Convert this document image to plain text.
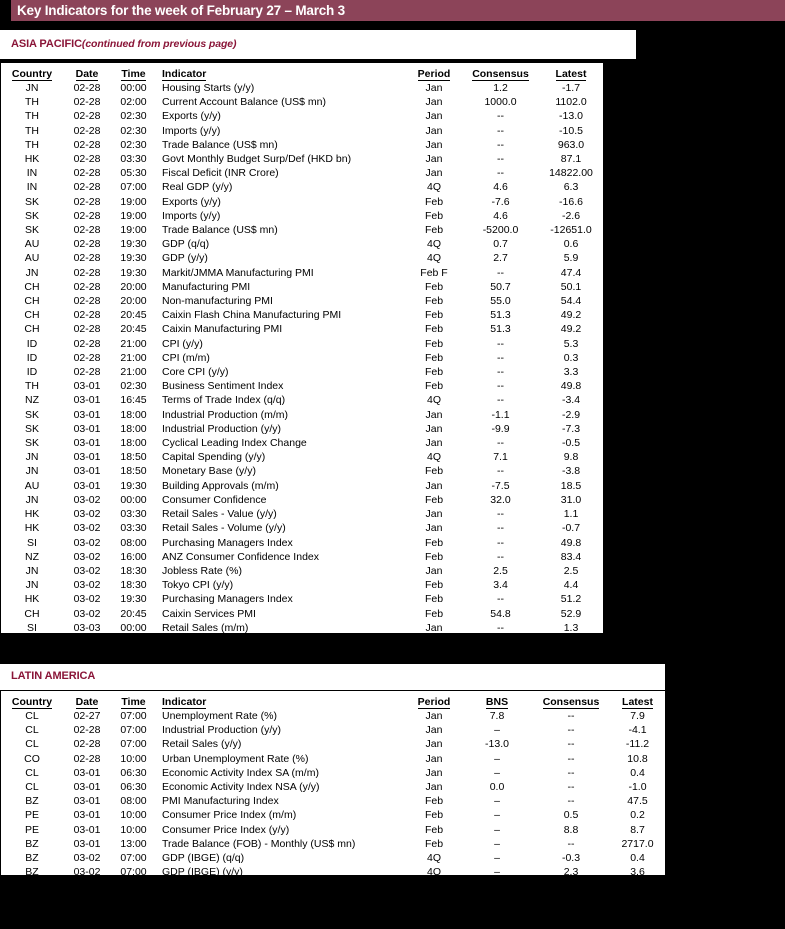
Key Indicators for the week of February 27 – March 3
ASIA PACIFIC(continued from previous page)
Country	Date	Time	Indicator	Period	Consensus	Latest
JN	02-28	00:00	Housing Starts (y/y)	Jan	1.2	-1.7
TH	02-28	02:00	Current Account Balance (US$ mn)	Jan	1000.0	1102.0
TH	02-28	02:30	Exports (y/y)	Jan	--	-13.0
TH	02-28	02:30	Imports (y/y)	Jan	--	-10.5
TH	02-28	02:30	Trade Balance (US$ mn)	Jan	--	963.0
HK	02-28	03:30	Govt Monthly Budget Surp/Def (HKD bn)	Jan	--	87.1
IN	02-28	05:30	Fiscal Deficit (INR Crore)	Jan	--	14822.00
IN	02-28	07:00	Real GDP (y/y)	4Q	4.6	6.3
SK	02-28	19:00	Exports (y/y)	Feb	-7.6	-16.6
SK	02-28	19:00	Imports (y/y)	Feb	4.6	-2.6
SK	02-28	19:00	Trade Balance (US$ mn)	Feb	-5200.0	-12651.0
AU	02-28	19:30	GDP (q/q)	4Q	0.7	0.6
AU	02-28	19:30	GDP (y/y)	4Q	2.7	5.9
JN	02-28	19:30	Markit/JMMA Manufacturing PMI	Feb F	--	47.4
CH	02-28	20:00	Manufacturing PMI	Feb	50.7	50.1
CH	02-28	20:00	Non-manufacturing PMI	Feb	55.0	54.4
CH	02-28	20:45	Caixin Flash China Manufacturing PMI	Feb	51.3	49.2
CH	02-28	20:45	Caixin Manufacturing PMI	Feb	51.3	49.2
ID	02-28	21:00	CPI (y/y)	Feb	--	5.3
ID	02-28	21:00	CPI (m/m)	Feb	--	0.3
ID	02-28	21:00	Core CPI (y/y)	Feb	--	3.3
TH	03-01	02:30	Business Sentiment Index	Feb	--	49.8
NZ	03-01	16:45	Terms of Trade Index (q/q)	4Q	--	-3.4
SK	03-01	18:00	Industrial Production (m/m)	Jan	-1.1	-2.9
SK	03-01	18:00	Industrial Production (y/y)	Jan	-9.9	-7.3
SK	03-01	18:00	Cyclical Leading Index Change	Jan	--	-0.5
JN	03-01	18:50	Capital Spending (y/y)	4Q	7.1	9.8
JN	03-01	18:50	Monetary Base (y/y)	Feb	--	-3.8
AU	03-01	19:30	Building Approvals (m/m)	Jan	-7.5	18.5
JN	03-02	00:00	Consumer Confidence	Feb	32.0	31.0
HK	03-02	03:30	Retail Sales - Value (y/y)	Jan	--	1.1
HK	03-02	03:30	Retail Sales - Volume (y/y)	Jan	--	-0.7
SI	03-02	08:00	Purchasing Managers Index	Feb	--	49.8
NZ	03-02	16:00	ANZ Consumer Confidence Index	Feb	--	83.4
JN	03-02	18:30	Jobless Rate (%)	Jan	2.5	2.5
JN	03-02	18:30	Tokyo CPI (y/y)	Feb	3.4	4.4
HK	03-02	19:30	Purchasing Managers Index	Feb	--	51.2
CH	03-02	20:45	Caixin Services PMI	Feb	54.8	52.9
SI	03-03	00:00	Retail Sales (m/m)	Jan	--	1.3
SI	03-03	00:00	Retail Sales (y/y)	Jan	--	7.4
LATIN AMERICA
Country	Date	Time	Indicator	Period	BNS	Consensus	Latest
CL	02-27	07:00	Unemployment Rate (%)	Jan	7.8	--	7.9
CL	02-28	07:00	Industrial Production (y/y)	Jan	–	--	-4.1
CL	02-28	07:00	Retail Sales (y/y)	Jan	-13.0	--	-11.2
CO	02-28	10:00	Urban Unemployment Rate (%)	Jan	–	--	10.8
CL	03-01	06:30	Economic Activity Index SA (m/m)	Jan	–	--	0.4
CL	03-01	06:30	Economic Activity Index NSA (y/y)	Jan	0.0	--	-1.0
BZ	03-01	08:00	PMI Manufacturing Index	Feb	–	--	47.5
PE	03-01	10:00	Consumer Price Index (m/m)	Feb	–	0.5	0.2
PE	03-01	10:00	Consumer Price Index (y/y)	Feb	–	8.8	8.7
BZ	03-01	13:00	Trade Balance (FOB) - Monthly (US$ mn)	Feb	–	--	2717.0
BZ	03-02	07:00	GDP (IBGE) (q/q)	4Q	–	-0.3	0.4
BZ	03-02	07:00	GDP (IBGE) (y/y)	4Q	–	2.3	3.6
